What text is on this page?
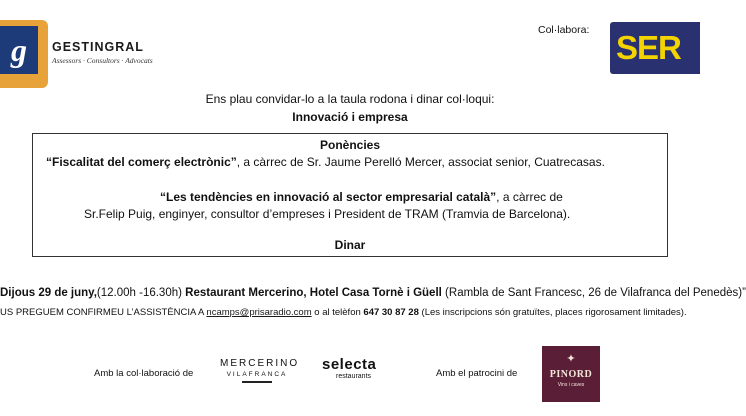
g GESTINGRAL
Assessors · Consultors · Advocats
Col·labora: SER
Ens plau convidar-lo a la taula rodona i dinar col·loqui:
Innovació i empresa
Ponències
“Fiscalitat del comerç electrònic”, a càrrec de Sr. Jaume Perelló Mercer, associat senior, Cuatrecasas.
“Les tendències en innovació al sector empresarial català”, a càrrec de
Sr.Felip Puig, enginyer, consultor d’empreses i President de TRAM (Tramvia de Barcelona).
Dinar
Dijous 29 de juny,(12.00h -16.30h) Restaurant Mercerino, Hotel Casa Tornè i Güell (Rambla de Sant Francesc, 26 de Vilafranca del Penedès)”
US PREGUEM CONFIRMEU L’ASSISTÈNCIA A ncamps@prisaradio.com o al telèfon 647 30 87 28 (Les inscripcions són gratuïtes, places rigorosament limitades).
Amb la col·laboració de
MERCERINO
VILAFRANCA
selecta
restaurants	Amb el patrocini de
✦
PINORD
Vins i caves
